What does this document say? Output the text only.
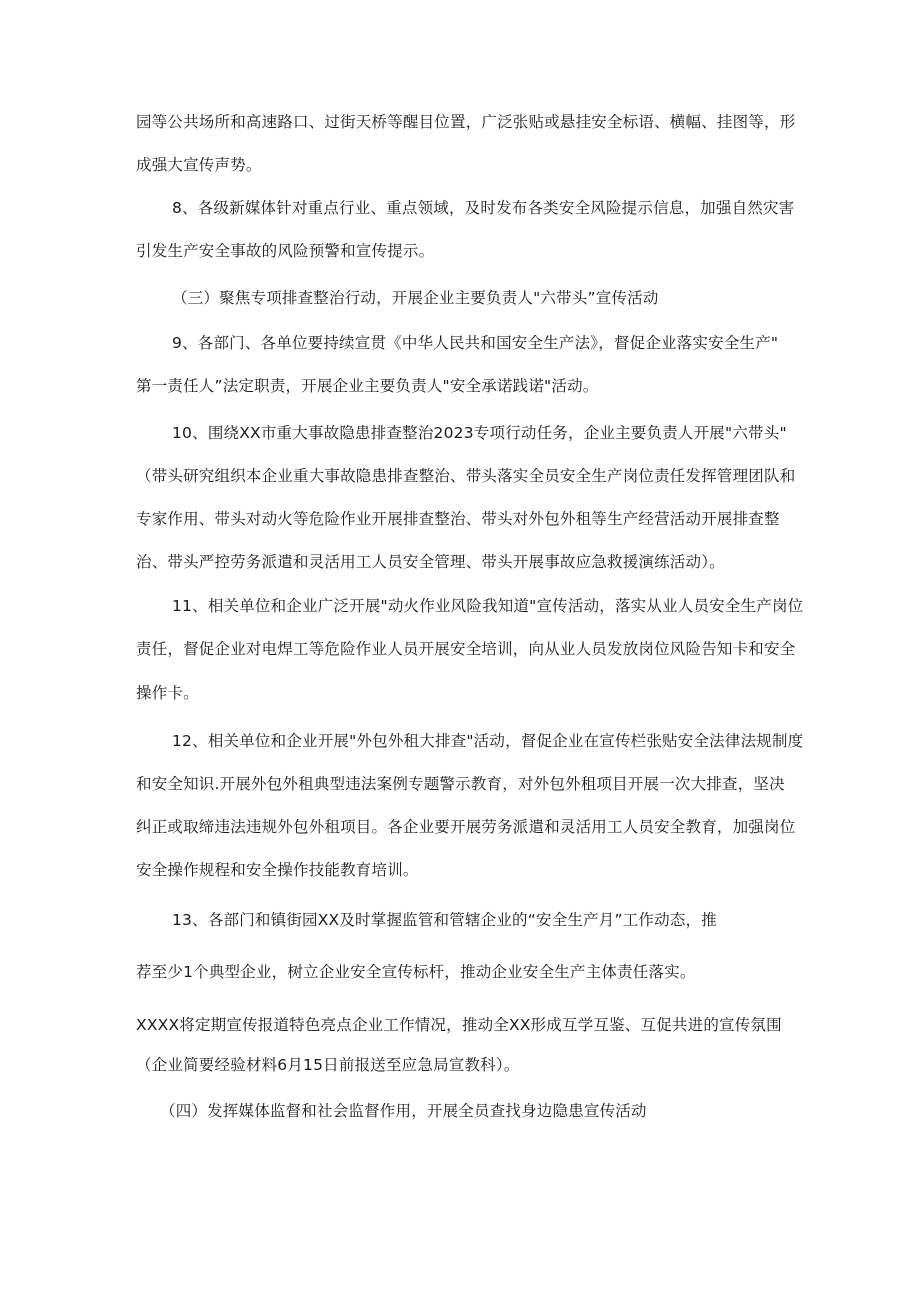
园等公共场所和高速路口、过街天桥等醒目位置，广泛张贴或悬挂安全标语、横幅、挂图等，形
成强大宣传声势。
8、各级新媒体针对重点行业、重点领域，及时发布各类安全风险提示信息，加强自然灾害
引发生产安全事故的风险预警和宣传提示。
（三）聚焦专项排查整治行动，开展企业主要负责人"六带头”宣传活动
9、各部门、各单位要持续宣贯《中华人民共和国安全生产法》，督促企业落实安全生产"
第一责任人”法定职责，开展企业主要负责人"安全承诺践诺"活动。
10、围绕XX市重大事故隐患排查整治2023专项行动任务，企业主要负责人开展"六带头"
（带头研究组织本企业重大事故隐患排查整治、带头落实全员安全生产岗位责任发挥管理团队和
专家作用、带头对动火等危险作业开展排查整治、带头对外包外租等生产经营活动开展排查整
治、带头严控劳务派遣和灵活用工人员安全管理、带头开展事故应急救援演练活动）。
11、相关单位和企业广泛开展"动火作业风险我知道"宣传活动，落实从业人员安全生产岗位
责任，督促企业对电焊工等危险作业人员开展安全培训，向从业人员发放岗位风险告知卡和安全
操作卡。
12、相关单位和企业开展"外包外租大排查"活动，督促企业在宣传栏张贴安全法律法规制度
和安全知识.开展外包外租典型违法案例专题警示教育，对外包外租项目开展一次大排查，坚决
纠正或取缔违法违规外包外租项目。各企业要开展劳务派遣和灵活用工人员安全教育，加强岗位
安全操作规程和安全操作技能教育培训。
13、各部门和镇街园XX及时掌握监管和管辖企业的“安全生产月”工作动态，推
荐至少1个典型企业，树立企业安全宣传标杆，推动企业安全生产主体责任落实。
XXXX将定期宣传报道特色亮点企业工作情况，推动全XX形成互学互鉴、互促共进的宣传氛围
（企业简要经验材料6月15日前报送至应急局宣教科）。
（四）发挥媒体监督和社会监督作用，开展全员查找身边隐患宣传活动
